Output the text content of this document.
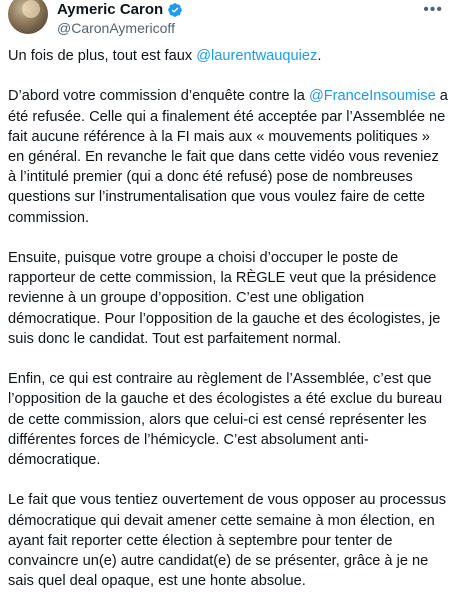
Aymeric Caron
@CaronAymericoff
•••

Un fois de plus, tout est faux @laurentwauquiez.

D’abord votre commission d’enquête contre la @FranceInsoumise a été refusée. Celle qui a finalement été acceptée par l’Assemblée ne fait aucune référence à la FI mais aux « mouvements politiques » en général. En revanche le fait que dans cette vidéo vous reveniez à l’intitulé premier (qui a donc été refusé) pose de nombreuses questions sur l’instrumentalisation que vous voulez faire de cette commission.

Ensuite, puisque votre groupe a choisi d’occuper le poste de rapporteur de cette commission, la RÈGLE veut que la présidence revienne à un groupe d’opposition. C’est une obligation démocratique. Pour l’opposition de la gauche et des écologistes, je suis donc le candidat. Tout est parfaitement normal.

Enfin, ce qui est contraire au règlement de l’Assemblée, c’est que l’opposition de la gauche et des écologistes a été exclue du bureau de cette commission, alors que celui-ci est censé représenter les différentes forces de l’hémicycle. C’est absolument anti-démocratique.

Le fait que vous tentiez ouvertement de vous opposer au processus démocratique qui devait amener cette semaine à mon élection, en ayant fait reporter cette élection à septembre pour tenter de convaincre un(e) autre candidat(e) de se présenter, grâce à je ne sais quel deal opaque, est une honte absolue.
